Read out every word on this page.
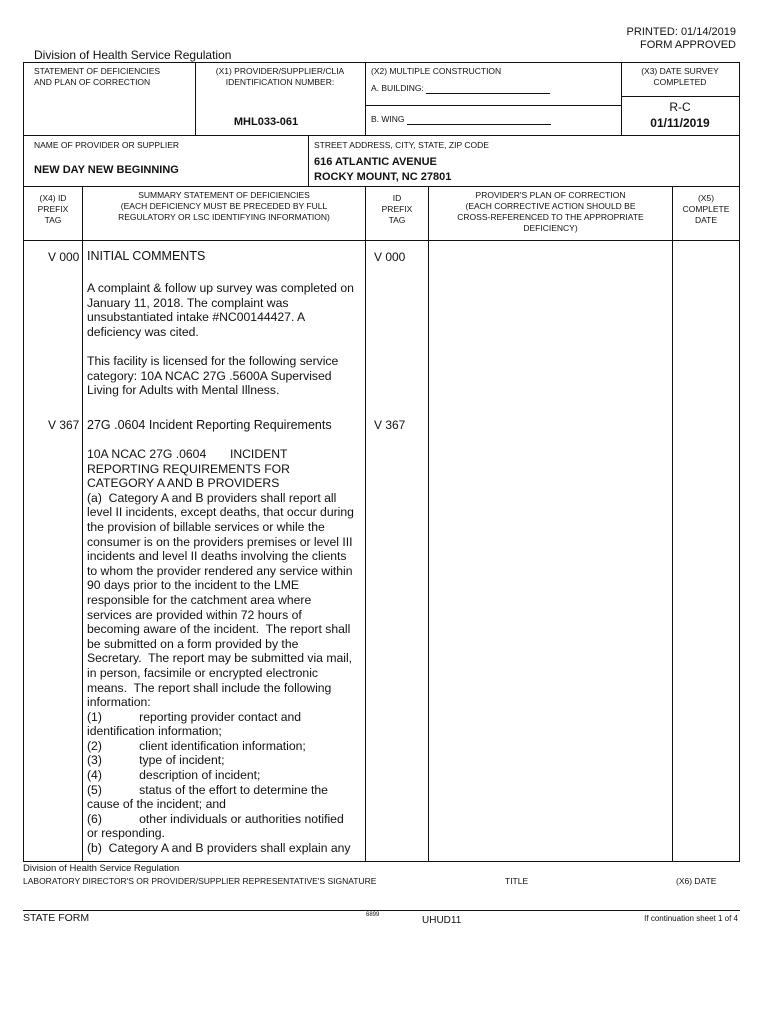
PRINTED: 01/14/2019
FORM APPROVED
Division of Health Service Regulation
STATEMENT OF DEFICIENCIES
AND PLAN OF CORRECTION
(X1) PROVIDER/SUPPLIER/CLIA
IDENTIFICATION NUMBER:
MHL033-061
(X2) MULTIPLE CONSTRUCTION
A. BUILDING:
B. WING
(X3) DATE SURVEY
COMPLETED
R-C
01/11/2019
NAME OF PROVIDER OR SUPPLIER
NEW DAY NEW BEGINNING
STREET ADDRESS, CITY, STATE, ZIP CODE
616 ATLANTIC AVENUE
ROCKY MOUNT, NC 27801
(X4) ID
PREFIX
TAG
SUMMARY STATEMENT OF DEFICIENCIES
(EACH DEFICIENCY MUST BE PRECEDED BY FULL
REGULATORY OR LSC IDENTIFYING INFORMATION)
ID
PREFIX
TAG
PROVIDER'S PLAN OF CORRECTION
(EACH CORRECTIVE ACTION SHOULD BE
CROSS-REFERENCED TO THE APPROPRIATE
DEFICIENCY)
(X5)
COMPLETE
DATE
V 000	V 000
INITIAL COMMENTS
A complaint & follow up survey was completed on
January 11, 2018. The complaint was
unsubstantiated intake #NC00144427. A
deficiency was cited.
This facility is licensed for the following service
category: 10A NCAC 27G .5600A Supervised
Living for Adults with Mental Illness.
V 367	V 367
27G .0604 Incident Reporting Requirements
10A NCAC 27G .0604       INCIDENT
REPORTING REQUIREMENTS FOR
CATEGORY A AND B PROVIDERS
(a)  Category A and B providers shall report all
level II incidents, except deaths, that occur during
the provision of billable services or while the
consumer is on the providers premises or level III
incidents and level II deaths involving the clients
to whom the provider rendered any service within
90 days prior to the incident to the LME
responsible for the catchment area where
services are provided within 72 hours of
becoming aware of the incident.  The report shall
be submitted on a form provided by the
Secretary.  The report may be submitted via mail,
in person, facsimile or encrypted electronic
means.  The report shall include the following
information:
(1)           reporting provider contact and
identification information;
(2)           client identification information;
(3)           type of incident;
(4)           description of incident;
(5)           status of the effort to determine the
cause of the incident; and
(6)           other individuals or authorities notified
or responding.
(b)  Category A and B providers shall explain any
Division of Health Service Regulation
LABORATORY DIRECTOR'S OR PROVIDER/SUPPLIER REPRESENTATIVE'S SIGNATURE	TITLE	(X6) DATE
STATE FORM	6899	UHUD11	If continuation sheet 1 of 4
